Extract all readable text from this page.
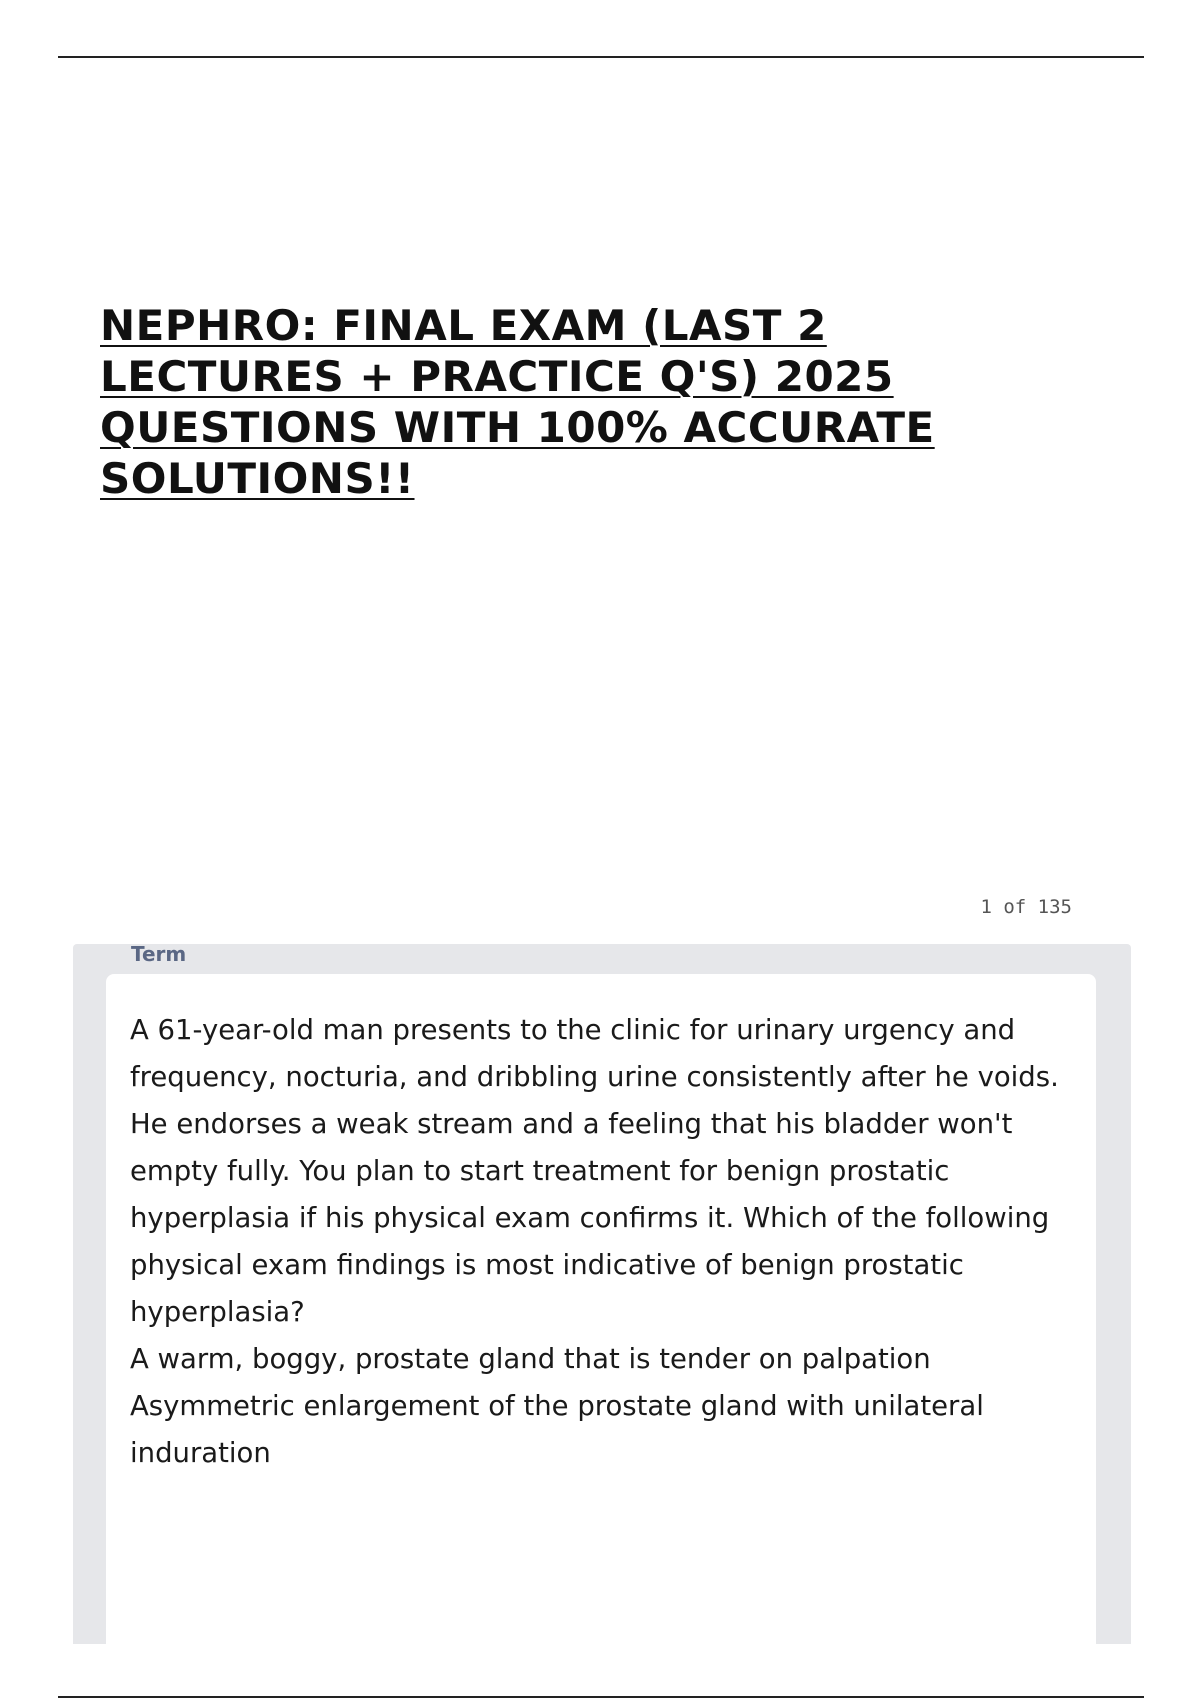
NEPHRO: FINAL EXAM (LAST 2 LECTURES + PRACTICE Q'S) 2025 QUESTIONS WITH 100% ACCURATE SOLUTIONS!!
1 of 135
Term

A 61-year-old man presents to the clinic for urinary urgency and frequency, nocturia, and dribbling urine consistently after he voids. He endorses a weak stream and a feeling that his bladder won't empty fully. You plan to start treatment for benign prostatic hyperplasia if his physical exam confirms it. Which of the following physical exam findings is most indicative of benign prostatic hyperplasia?

A warm, boggy, prostate gland that is tender on palpation

Asymmetric enlargement of the prostate gland with unilateral induration
